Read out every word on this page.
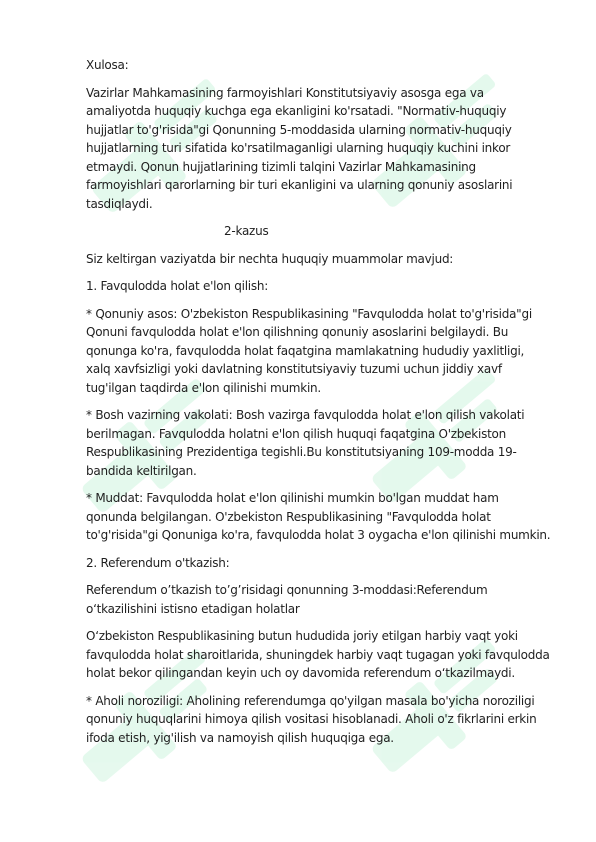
Xulosa:

Vazirlar Mahkamasining farmoyishlari Konstitutsiyaviy asosga ega va amaliyotda huquqiy kuchga ega ekanligini ko'rsatadi. "Normativ-huquqiy hujjatlar to'g'risida"gi Qonunning 5-moddasida ularning normativ-huquqiy hujjatlarning turi sifatida ko'rsatilmaganligi ularning huquqiy kuchini inkor etmaydi. Qonun hujjatlarining tizimli talqini Vazirlar Mahkamasining farmoyishlari qarorlarning bir turi ekanligini va ularning qonuniy asoslarini tasdiqlaydi.

2-kazus

Siz keltirgan vaziyatda bir nechta huquqiy muammolar mavjud:

1. Favqulodda holat e'lon qilish:

* Qonuniy asos: O'zbekiston Respublikasining "Favqulodda holat to'g'risida"gi Qonuni favqulodda holat e'lon qilishning qonuniy asoslarini belgilaydi. Bu qonunga ko'ra, favqulodda holat faqatgina mamlakatning hududiy yaxlitligi, xalq xavfsizligi yoki davlatning konstitutsiyaviy tuzumi uchun jiddiy xavf tug'ilgan taqdirda e'lon qilinishi mumkin.

* Bosh vazirning vakolati: Bosh vazirga favqulodda holat e'lon qilish vakolati berilmagan. Favqulodda holatni e'lon qilish huquqi faqatgina O'zbekiston Respublikasining Prezidentiga tegishli.Bu konstitutsiyaning 109-modda 19-bandida keltirilgan.

* Muddat: Favqulodda holat e'lon qilinishi mumkin bo'lgan muddat ham qonunda belgilangan. O'zbekiston Respublikasining "Favqulodda holat to'g'risida"gi Qonuniga ko'ra, favqulodda holat 3 oygacha e'lon qilinishi mumkin.

2. Referendum o'tkazish:

Referendum o’tkazish to’g’risidagi qonunning 3-moddasi:Referendum o‘tkazilishini istisno etadigan holatlar

O‘zbekiston Respublikasining butun hududida joriy etilgan harbiy vaqt yoki favqulodda holat sharoitlarida, shuningdek harbiy vaqt tugagan yoki favqulodda holat bekor qilingandan keyin uch oy davomida referendum o‘tkazilmaydi.

* Aholi noroziligi: Aholining referendumga qo'yilgan masala bo'yicha noroziligi qonuniy huquqlarini himoya qilish vositasi hisoblanadi. Aholi o'z fikrlarini erkin ifoda etish, yig'ilish va namoyish qilish huquqiga ega.
